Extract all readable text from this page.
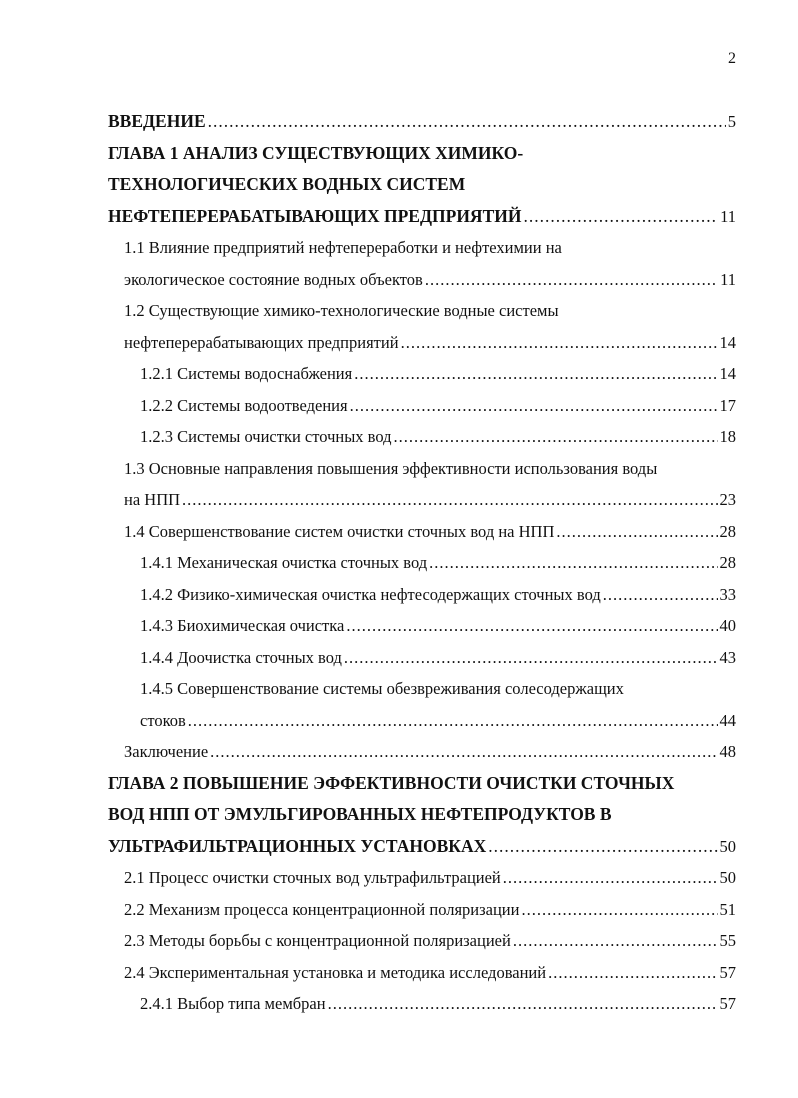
2
ВВЕДЕНИЕ .....	5
ГЛАВА 1 АНАЛИЗ СУЩЕСТВУЮЩИХ ХИМИКО-
ТЕХНОЛОГИЧЕСКИХ ВОДНЫХ СИСТЕМ
НЕФТЕПЕРЕРАБАТЫВАЮЩИХ ПРЕДПРИЯТИЙ .....	11
1.1 Влияние предприятий нефтепереработки и нефтехимии на
экологическое состояние водных объектов .....	11
1.2 Существующие химико-технологические водные системы
нефтеперерабатывающих предприятий .....	14
1.2.1 Системы водоснабжения .....	14
1.2.2 Системы водоотведения .....	17
1.2.3 Системы очистки сточных вод .....	18
1.3 Основные направления повышения эффективности использования воды
на НПП .....	23
1.4 Совершенствование систем очистки сточных вод на НПП .....	28
1.4.1 Механическая очистка сточных вод .....	28
1.4.2 Физико-химическая очистка нефтесодержащих сточных вод .....	33
1.4.3 Биохимическая очистка .....	40
1.4.4 Доочистка сточных вод .....	43
1.4.5 Совершенствование системы обезвреживания солесодержащих
стоков .....	44
Заключение .....	48
ГЛАВА 2 ПОВЫШЕНИЕ ЭФФЕКТИВНОСТИ ОЧИСТКИ СТОЧНЫХ
ВОД НПП ОТ ЭМУЛЬГИРОВАННЫХ НЕФТЕПРОДУКТОВ В
УЛЬТРАФИЛЬТРАЦИОННЫХ УСТАНОВКАХ .....	50
2.1 Процесс очистки сточных вод ультрафильтрацией .....	50
2.2 Механизм процесса концентрационной поляризации .....	51
2.3 Методы борьбы с концентрационной поляризацией .....	55
2.4 Экспериментальная установка и методика исследований .....	57
2.4.1 Выбор типа мембран .....	57
